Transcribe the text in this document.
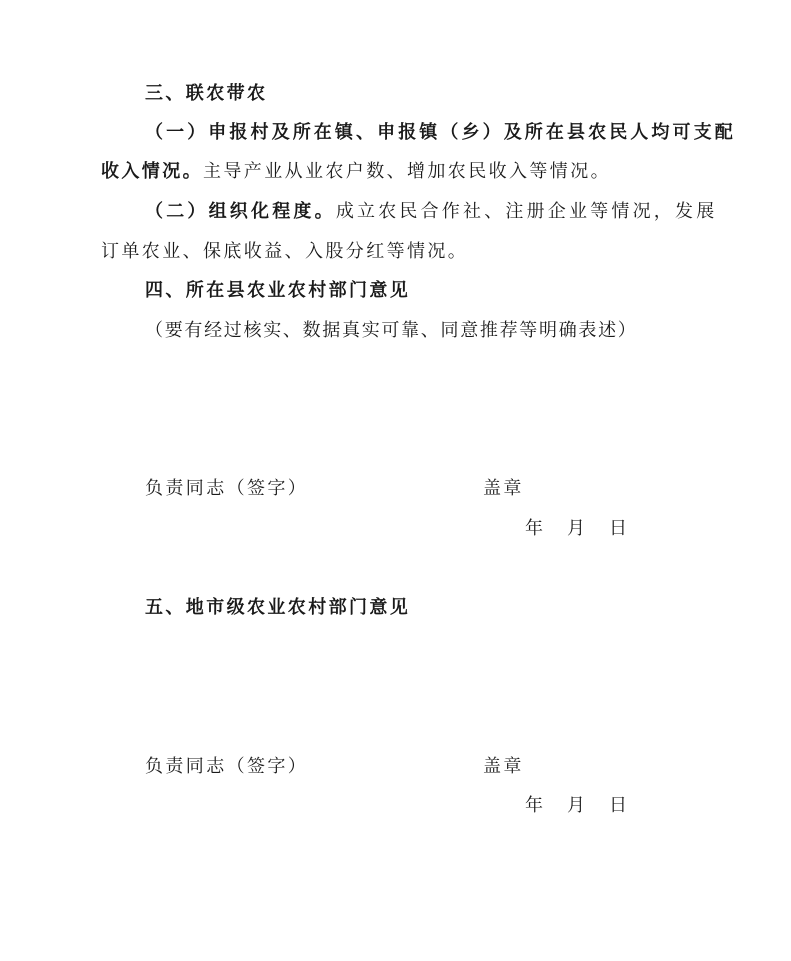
三、联农带农
（一）申报村及所在镇、申报镇（乡）及所在县农民人均可支配
收入情况。主导产业从业农户数、增加农民收入等情况。
（二）组织化程度。成立农民合作社、注册企业等情况，发展
订单农业、保底收益、入股分红等情况。
四、所在县农业农村部门意见
（要有经过核实、数据真实可靠、同意推荐等明确表述）
负责同志（签字）	盖章
年 月 日
五、地市级农业农村部门意见
负责同志（签字）	盖章
年 月 日
